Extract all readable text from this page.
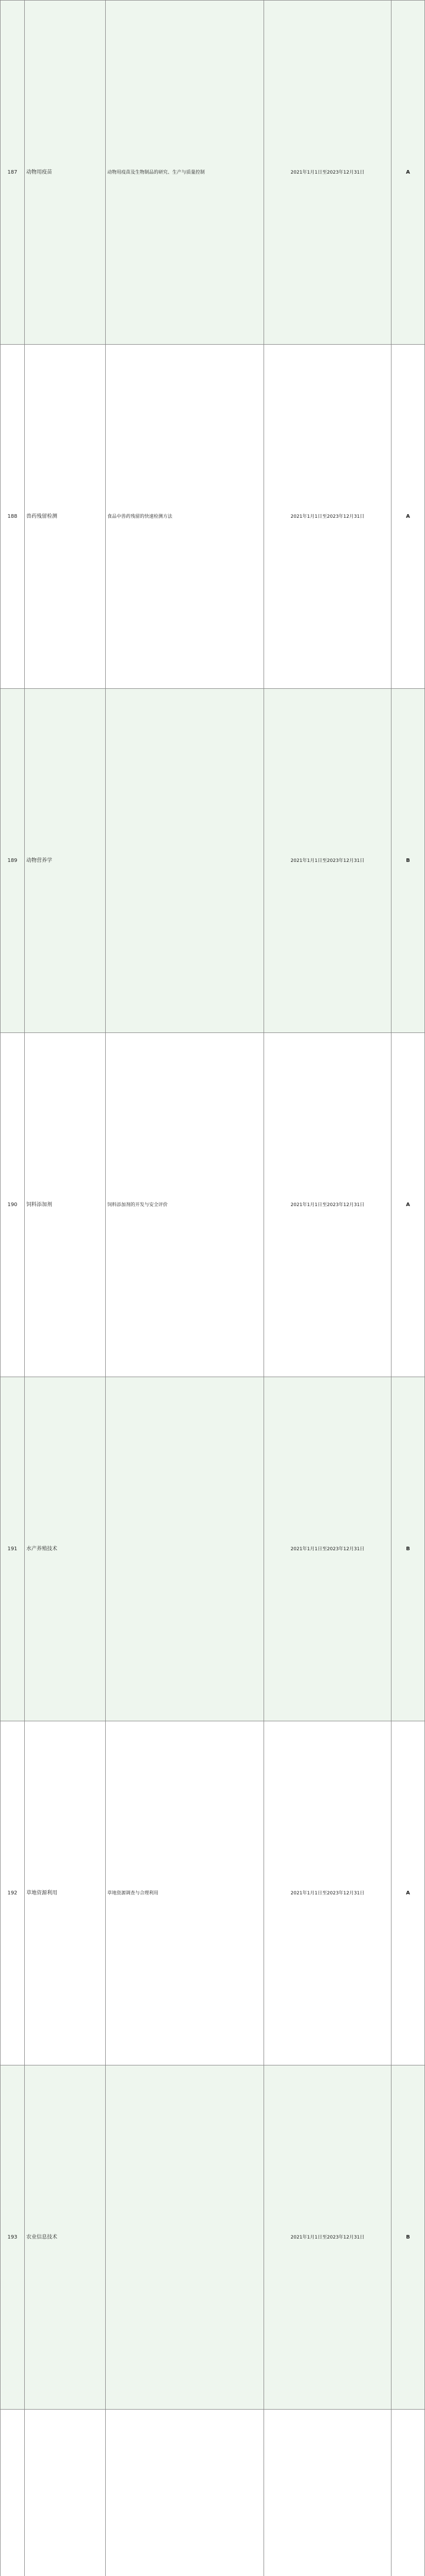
187	动物用疫苗	动物用疫苗及生物制品的研究、生产与质量控制	2021年1月1日至2023年12月31日	A
188	兽药残留检测	食品中兽药残留的快速检测方法	2021年1月1日至2023年12月31日	A
189	动物营养学		2021年1月1日至2023年12月31日	B
190	饲料添加剂	饲料添加剂的开发与安全评价	2021年1月1日至2023年12月31日	A
191	水产养殖技术		2021年1月1日至2023年12月31日	B
192	草地资源利用	草地资源调查与合理利用	2021年1月1日至2023年12月31日	A
193	农业信息技术		2021年1月1日至2023年12月31日	B
